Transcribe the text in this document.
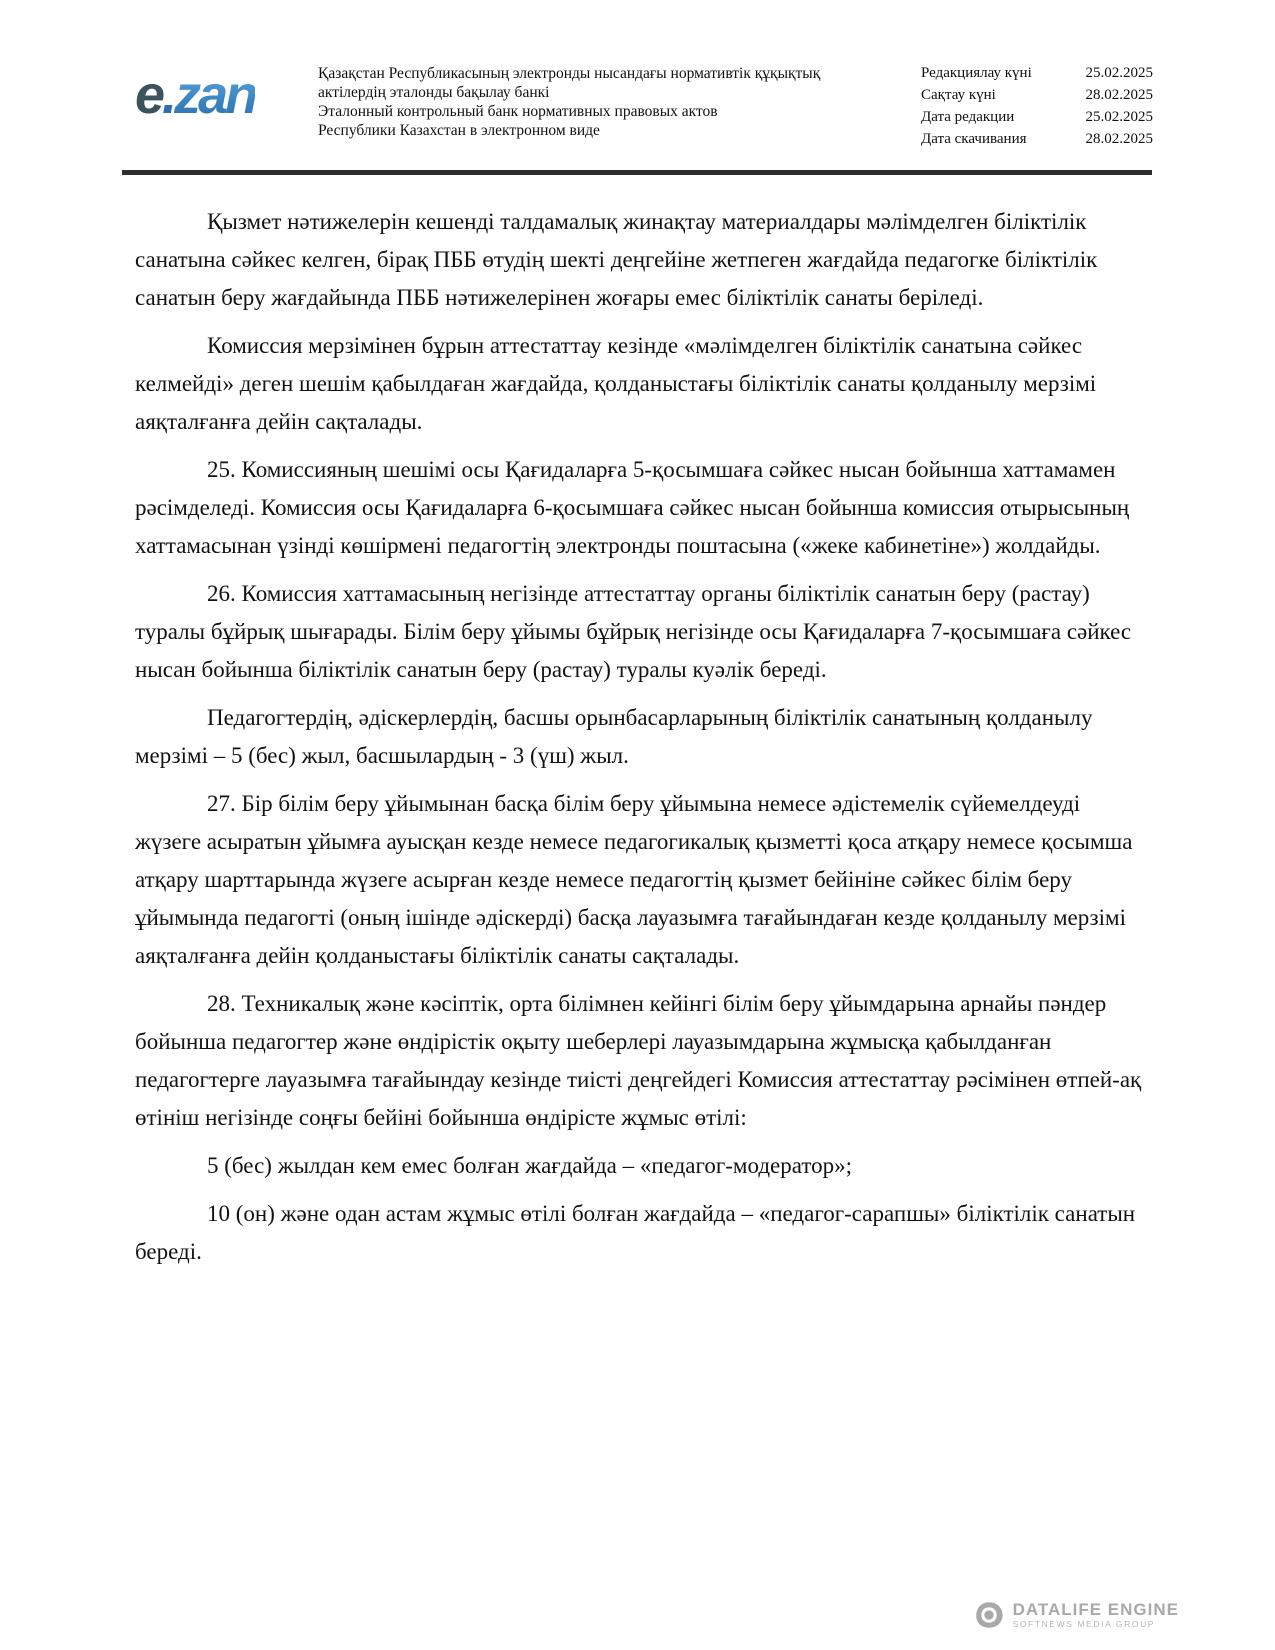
e.zan	Қазақстан Республикасының электронды нысандағы нормативтік құқықтық
актілердің эталонды бақылау банкі
Эталонный контрольный банк нормативных правовых актов
Республики Казахстан в электронном виде
Редакциялау күні	25.02.2025
Сақтау күні	28.02.2025
Дата редакции	25.02.2025
Дата скачивания	28.02.2025

Қызмет нәтижелерін кешенді талдамалық жинақтау материалдары мәлімделген біліктілік санатына сәйкес келген, бірақ ПББ өтудің шекті деңгейіне жетпеген жағдайда педагогке біліктілік санатын беру жағдайында ПББ нәтижелерінен жоғары емес біліктілік санаты беріледі.

Комиссия мерзімінен бұрын аттестаттау кезінде «мәлімделген біліктілік санатына сәйкес келмейді» деген шешім қабылдаған жағдайда, қолданыстағы біліктілік санаты қолданылу мерзімі аяқталғанға дейін сақталады.

25. Комиссияның шешімі осы Қағидаларға 5-қосымшаға сәйкес нысан бойынша хаттамамен рәсімделеді. Комиссия осы Қағидаларға 6-қосымшаға сәйкес нысан бойынша комиссия отырысының хаттамасынан үзінді көшірмені педагогтің электронды поштасына («жеке кабинетіне») жолдайды.

26. Комиссия хаттамасының негізінде аттестаттау органы біліктілік санатын беру (растау) туралы бұйрық шығарады. Білім беру ұйымы бұйрық негізінде осы Қағидаларға 7-қосымшаға сәйкес нысан бойынша біліктілік санатын беру (растау) туралы куәлік береді.

Педагогтердің, әдіскерлердің, басшы орынбасарларының біліктілік санатының қолданылу мерзімі – 5 (бес) жыл, басшылардың - 3 (үш) жыл.

27. Бір білім беру ұйымынан басқа білім беру ұйымына немесе әдістемелік сүйемелдеуді жүзеге асыратын ұйымға ауысқан кезде немесе педагогикалық қызметті қоса атқару немесе қосымша атқару шарттарында жүзеге асырған кезде немесе педагогтің қызмет бейініне сәйкес білім беру ұйымында педагогті (оның ішінде әдіскерді) басқа лауазымға тағайындаған кезде қолданылу мерзімі аяқталғанға дейін қолданыстағы біліктілік санаты сақталады.

28. Техникалық және кәсіптік, орта білімнен кейінгі білім беру ұйымдарына арнайы пәндер бойынша педагогтер және өндірістік оқыту шеберлері лауазымдарына жұмысқа қабылданған педагогтерге лауазымға тағайындау кезінде тиісті деңгейдегі Комиссия аттестаттау рәсімінен өтпей-ақ өтініш негізінде соңғы бейіні бойынша өндірісте жұмыс өтілі:

5 (бес) жылдан кем емес болған жағдайда – «педагог-модератор»;

10 (он) және одан астам жұмыс өтілі болған жағдайда – «педагог-сарапшы» біліктілік санатын береді.

DATALIFE ENGINE
SOFTNEWS MEDIA GROUP
